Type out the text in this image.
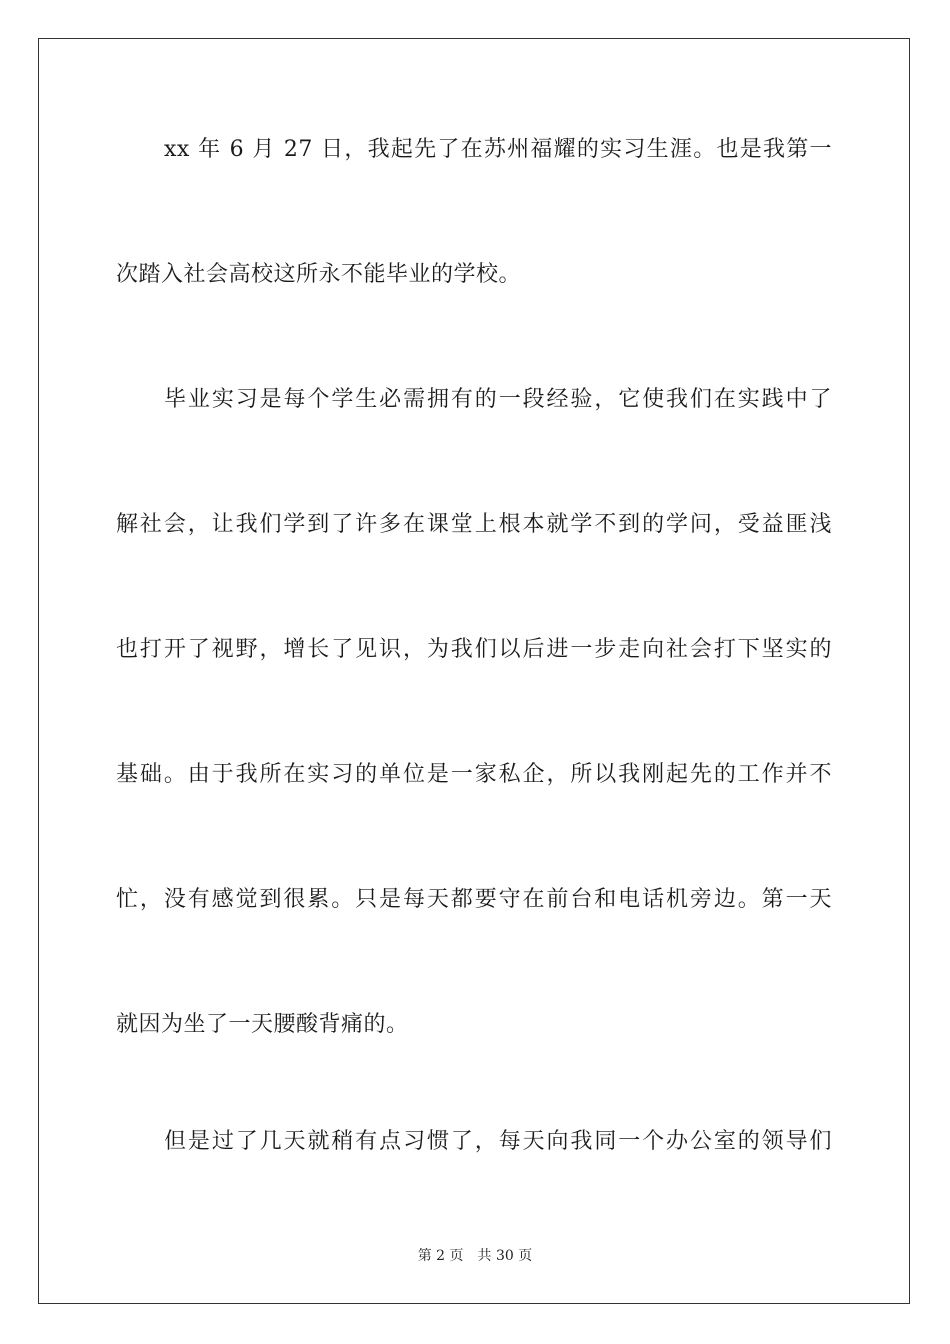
xx 年 6 月 27 日，我起先了在苏州福耀的实习生涯。也是我第一
次踏入社会高校这所永不能毕业的学校。
毕业实习是每个学生必需拥有的一段经验，它使我们在实践中了
解社会，让我们学到了许多在课堂上根本就学不到的学问，受益匪浅
也打开了视野，增长了见识，为我们以后进一步走向社会打下坚实的
基础。由于我所在实习的单位是一家私企，所以我刚起先的工作并不
忙，没有感觉到很累。只是每天都要守在前台和电话机旁边。第一天
就因为坐了一天腰酸背痛的。
但是过了几天就稍有点习惯了，每天向我同一个办公室的领导们
第 2 页 共 30 页
